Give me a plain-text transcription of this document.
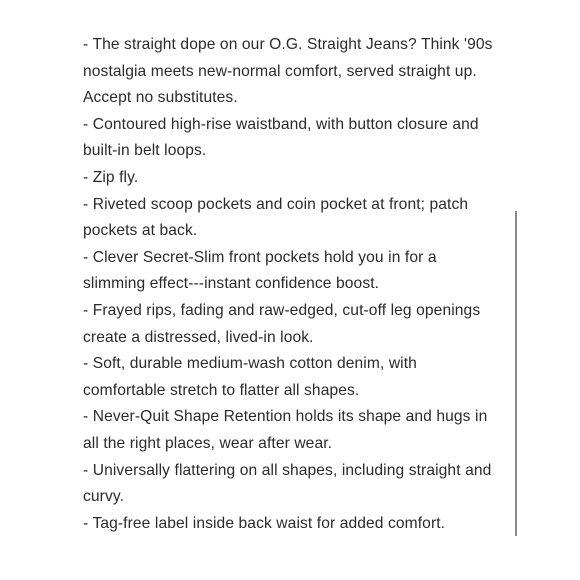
- The straight dope on our O.G. Straight Jeans? Think '90s
nostalgia meets new-normal comfort, served straight up.
Accept no substitutes.
- Contoured high-rise waistband, with button closure and
built-in belt loops.
- Zip fly.
- Riveted scoop pockets and coin pocket at front; patch
pockets at back.
- Clever Secret-Slim front pockets hold you in for a
slimming effect---instant confidence boost.
- Frayed rips, fading and raw-edged, cut-off leg openings
create a distressed, lived-in look.
- Soft, durable medium-wash cotton denim, with
comfortable stretch to flatter all shapes.
- Never-Quit Shape Retention holds its shape and hugs in
all the right places, wear after wear.
- Universally flattering on all shapes, including straight and
curvy.
- Tag-free label inside back waist for added comfort.
